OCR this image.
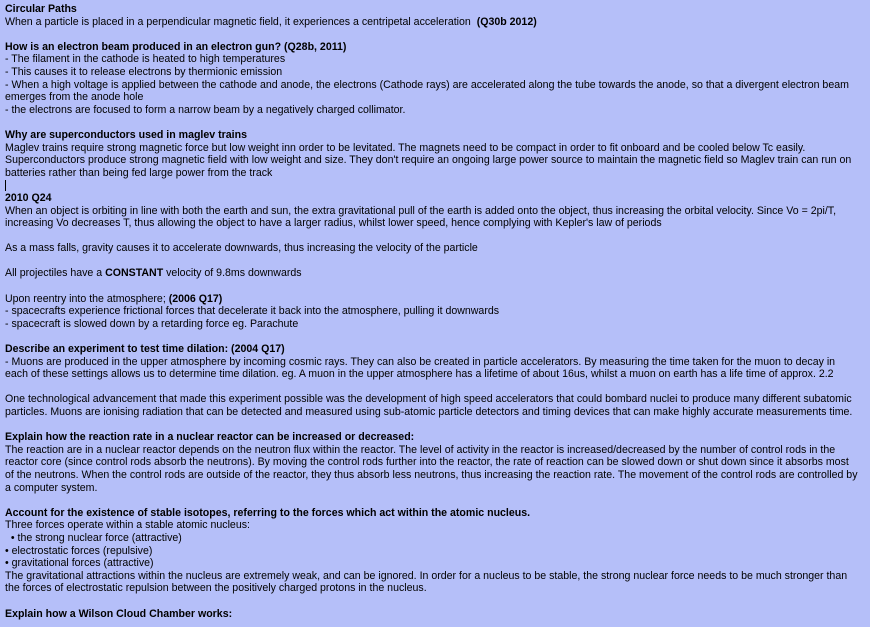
Circular Paths
When a particle is placed in a perpendicular magnetic field, it experiences a centripetal acceleration (Q30b 2012)
How is an electron beam produced in an electron gun? (Q28b, 2011)
- The filament in the cathode is heated to high temperatures
- This causes it to release electrons by thermionic emission
- When a high voltage is applied between the cathode and anode, the electrons (Cathode rays) are accelerated along the tube towards the anode, so that a divergent electron beam
emerges from the anode hole
- the electrons are focused to form a narrow beam by a negatively charged collimator.
Why are superconductors used in maglev trains
Maglev trains require strong magnetic force but low weight inn order to be levitated. The magnets need to be compact in order to fit onboard and be cooled below Tc easily.
Superconductors produce strong magnetic field with low weight and size. They don't require an ongoing large power source to maintain the magnetic field so Maglev train can run on
batteries rather than being fed large power from the track
2010 Q24
When an object is orbiting in line with both the earth and sun, the extra gravitational pull of the earth is added onto the object, thus increasing the orbital velocity. Since Vo = 2pi/T,
increasing Vo decreases T, thus allowing the object to have a larger radius, whilst lower speed, hence complying with Kepler's law of periods
As a mass falls, gravity causes it to accelerate downwards, thus increasing the velocity of the particle
All projectiles have a CONSTANT velocity of 9.8ms downwards
Upon reentry into the atmosphere; (2006 Q17)
- spacecrafts experience frictional forces that decelerate it back into the atmosphere, pulling it downwards
- spacecraft is slowed down by a retarding force eg. Parachute
Describe an experiment to test time dilation: (2004 Q17)
- Muons are produced in the upper atmosphere by incoming cosmic rays. They can also be created in particle accelerators. By measuring the time taken for the muon to decay in
each of these settings allows us to determine time dilation. eg. A muon in the upper atmosphere has a lifetime of about 16us, whilst a muon on earth has a life time of approx. 2.2
One technological advancement that made this experiment possible was the development of high speed accelerators that could bombard nuclei to produce many different subatomic
particles. Muons are ionising radiation that can be detected and measured using sub-atomic particle detectors and timing devices that can make highly accurate measurements time.
Explain how the reaction rate in a nuclear reactor can be increased or decreased:
The reaction are in a nuclear reactor depends on the neutron flux within the reactor. The level of activity in the reactor is increased/decreased by the number of control rods in the
reactor core (since control rods absorb the neutrons). By moving the control rods further into the reactor, the rate of reaction can be slowed down or shut down since it absorbs most
of the neutrons. When the control rods are outside of the reactor, they thus absorb less neutrons, thus increasing the reaction rate. The movement of the control rods are controlled by
a computer system.
Account for the existence of stable isotopes, referring to the forces which act within the atomic nucleus.
Three forces operate within a stable atomic nucleus:
• the strong nuclear force (attractive)
• electrostatic forces (repulsive)
• gravitational forces (attractive)
The gravitational attractions within the nucleus are extremely weak, and can be ignored. In order for a nucleus to be stable, the strong nuclear force needs to be much stronger than
the forces of electrostatic repulsion between the positively charged protons in the nucleus.
Explain how a Wilson Cloud Chamber works:
